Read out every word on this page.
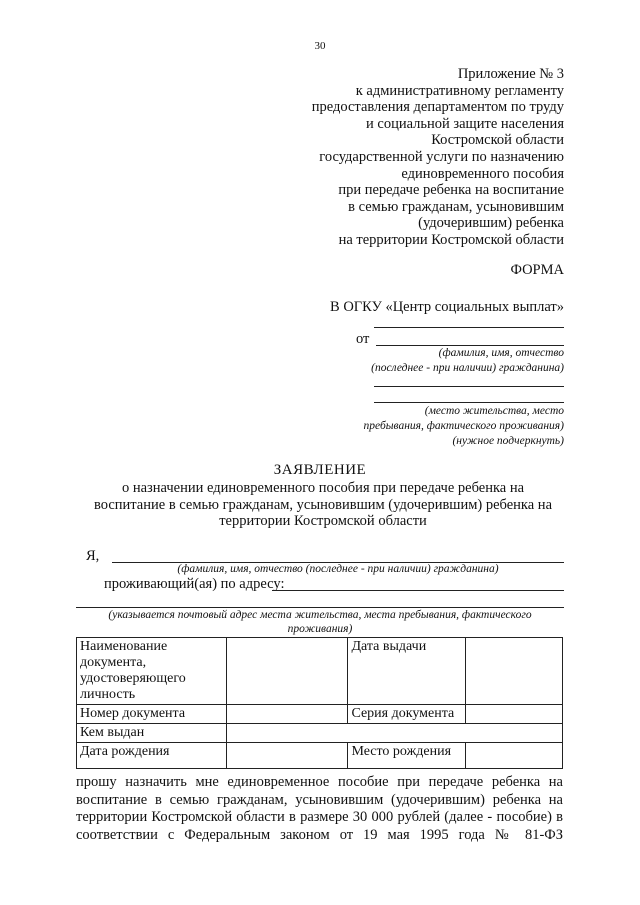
30
Приложение № 3
к административному регламенту
предоставления департаментом по труду
и социальной защите населения
Костромской области
государственной услуги по назначению
единовременного пособия
при передаче ребенка на воспитание
в семью гражданам, усыновившим
(удочерившим) ребенка
на территории Костромской области
ФОРМА
В ОГКУ «Центр социальных выплат»
от
(фамилия, имя, отчество
(последнее - при наличии) гражданина)
(место жительства, место
пребывания, фактического проживания)
(нужное подчеркнуть)
ЗАЯВЛЕНИЕ
о назначении единовременного пособия при передаче ребенка на
воспитание в семью гражданам, усыновившим (удочерившим) ребенка на
территории Костромской области
Я,
(фамилия, имя, отчество (последнее - при наличии) гражданина)
проживающий(ая) по адресу:
(указывается почтовый адрес места жительства, места пребывания, фактического
проживания)
Наименование документа, удостоверяющего личность		Дата выдачи	
Номер документа		Серия документа	
Кем выдан			
Дата рождения		Место рождения	
прошу назначить мне единовременное пособие при передаче ребенка на
воспитание в семью гражданам, усыновившим (удочерившим) ребенка на
территории Костромской области в размере 30 000 рублей (далее - пособие) в
соответствии с Федеральным законом от 19 мая 1995 года № 81-ФЗ
